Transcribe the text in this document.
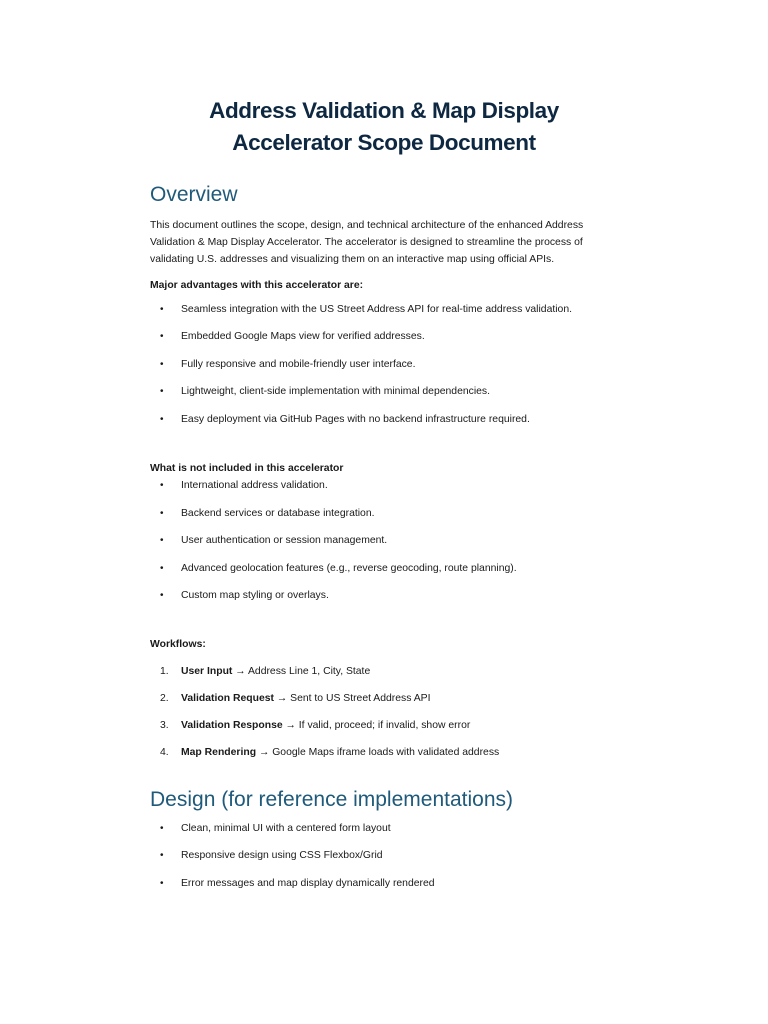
Address Validation & Map Display
Accelerator Scope Document
Overview
This document outlines the scope, design, and technical architecture of the enhanced Address Validation & Map Display Accelerator. The accelerator is designed to streamline the process of validating U.S. addresses and visualizing them on an interactive map using official APIs.
Major advantages with this accelerator are:
• Seamless integration with the US Street Address API for real-time address validation.
• Embedded Google Maps view for verified addresses.
• Fully responsive and mobile-friendly user interface.
• Lightweight, client-side implementation with minimal dependencies.
• Easy deployment via GitHub Pages with no backend infrastructure required.
What is not included in this accelerator
• International address validation.
• Backend services or database integration.
• User authentication or session management.
• Advanced geolocation features (e.g., reverse geocoding, route planning).
• Custom map styling or overlays.
Workflows:
1. User Input → Address Line 1, City, State
2. Validation Request → Sent to US Street Address API
3. Validation Response → If valid, proceed; if invalid, show error
4. Map Rendering → Google Maps iframe loads with validated address
Design (for reference implementations)
• Clean, minimal UI with a centered form layout
• Responsive design using CSS Flexbox/Grid
• Error messages and map display dynamically rendered
